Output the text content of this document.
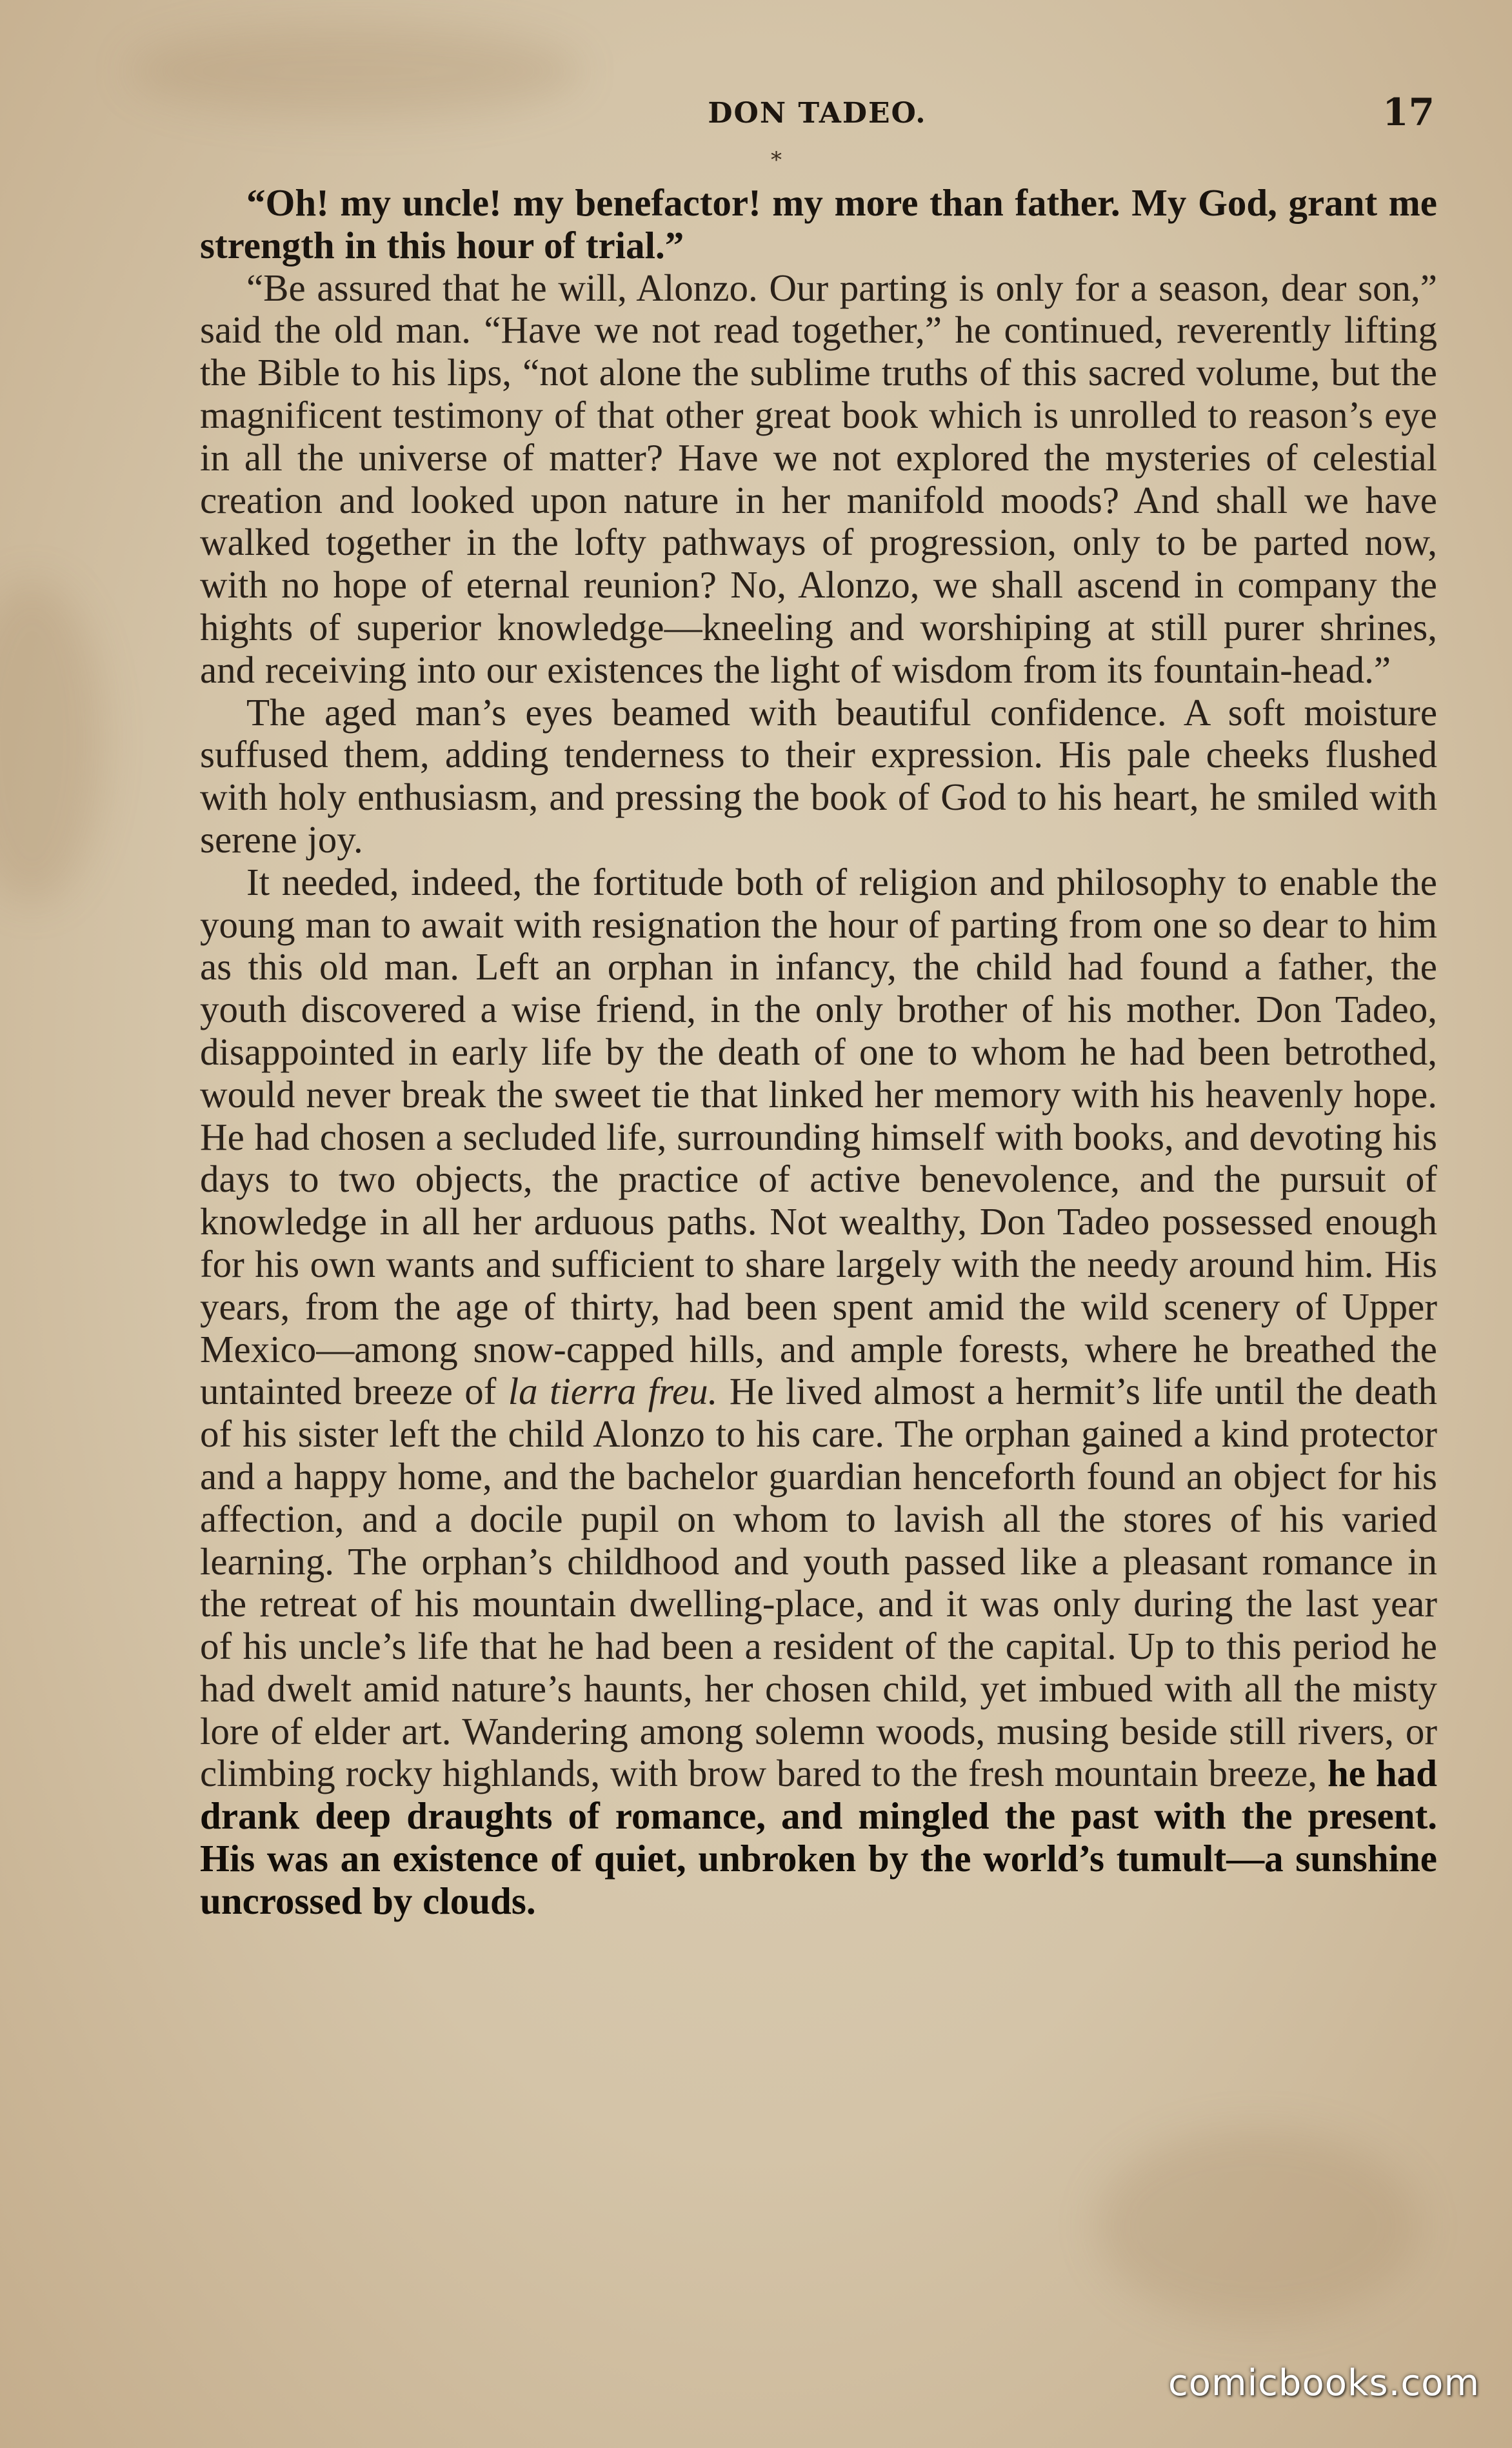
DON TADEO.	17
*

“Oh! my uncle! my benefactor! my more than father. My God, grant me strength in this hour of trial.”

“Be assured that he will, Alonzo. Our parting is only for a season, dear son,” said the old man. “Have we not read together,” he continued, reverently lifting the Bible to his lips, “not alone the sublime truths of this sacred volume, but the magnificent testimony of that other great book which is unrolled to reason’s eye in all the universe of matter? Have we not explored the mysteries of celestial creation and looked upon nature in her manifold moods? And shall we have walked together in the lofty pathways of progression, only to be parted now, with no hope of eternal reunion? No, Alonzo, we shall ascend in company the hights of superior knowledge—kneeling and worshiping at still purer shrines, and receiving into our existences the light of wisdom from its fountain-head.”

The aged man’s eyes beamed with beautiful confidence. A soft moisture suffused them, adding tenderness to their expression. His pale cheeks flushed with holy enthusiasm, and pressing the book of God to his heart, he smiled with serene joy.

It needed, indeed, the fortitude both of religion and philosophy to enable the young man to await with resignation the hour of parting from one so dear to him as this old man. Left an orphan in infancy, the child had found a father, the youth discovered a wise friend, in the only brother of his mother. Don Tadeo, disappointed in early life by the death of one to whom he had been betrothed, would never break the sweet tie that linked her memory with his heavenly hope. He had chosen a secluded life, surrounding himself with books, and devoting his days to two objects, the practice of active benevolence, and the pursuit of knowledge in all her arduous paths. Not wealthy, Don Tadeo possessed enough for his own wants and sufficient to share largely with the needy around him. His years, from the age of thirty, had been spent amid the wild scenery of Upper Mexico—among snow-capped hills, and ample forests, where he breathed the untainted breeze of la tierra freu. He lived almost a hermit’s life until the death of his sister left the child Alonzo to his care. The orphan gained a kind protector and a happy home, and the bachelor guardian henceforth found an object for his affection, and a docile pupil on whom to lavish all the stores of his varied learning. The orphan’s childhood and youth passed like a pleasant romance in the retreat of his mountain dwelling-place, and it was only during the last year of his uncle’s life that he had been a resident of the capital. Up to this period he had dwelt amid nature’s haunts, her chosen child, yet imbued with all the misty lore of elder art. Wandering among solemn woods, musing beside still rivers, or climbing rocky highlands, with brow bared to the fresh mountain breeze, he had drank deep draughts of romance, and mingled the past with the present. His was an existence of quiet, unbroken by the world’s tumult—a sunshine uncrossed by clouds.

comicbooks.com
